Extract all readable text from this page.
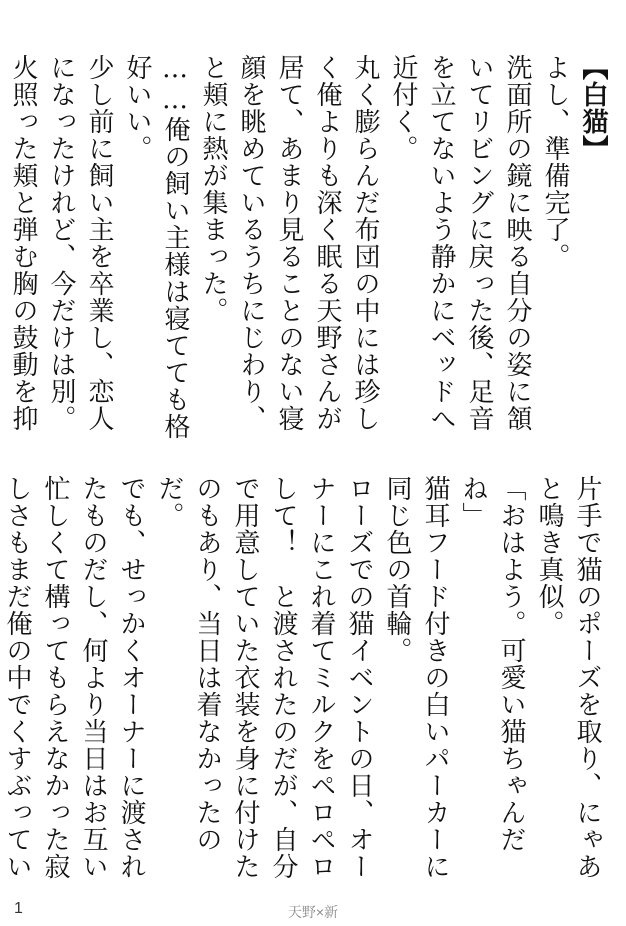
【白猫】
よし、準備完了。
洗面所の鏡に映る自分の姿に頷いてリビングに戻った後、足音を立てないよう静かにベッドへ近付く。
丸く膨らんだ布団の中には珍しく俺よりも深く眠る天野さんが居て、あまり見ることのない寝顔を眺めているうちにじわり、と頬に熱が集まった。
……俺の飼い主様は寝てても格好いい。
少し前に飼い主を卒業し、恋人になったけれど、今だけは別。
火照った頬と弾む胸の鼓動を抑
片手で猫のポーズを取り、にゃあと鳴き真似。
「おはよう。可愛い猫ちゃんだね」
猫耳フード付きの白いパーカーに同じ色の首輪。
ローズでの猫イベントの日、オーナーにこれ着てミルクをペロペロして！　と渡されたのだが、自分で用意していた衣装を身に付けたのもあり、当日は着なかったのだ。
でも、せっかくオーナーに渡されたものだし、何より当日はお互い忙しくて構ってもらえなかった寂しさもまだ俺の中でくすぶってい
1	天野×新
